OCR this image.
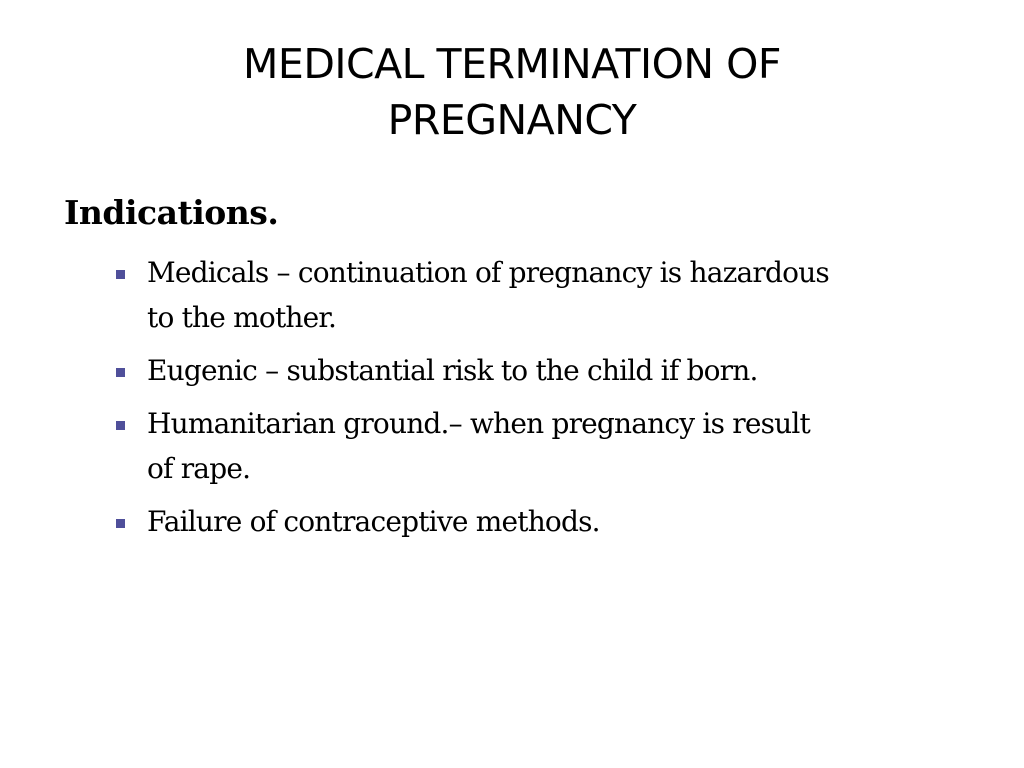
MEDICAL TERMINATION OF
PREGNANCY
Indications.
Medicals – continuation of pregnancy is hazardous
to the mother.
Eugenic – substantial risk to the child if born.
Humanitarian ground.– when pregnancy is result
of rape.
Failure of contraceptive methods.
